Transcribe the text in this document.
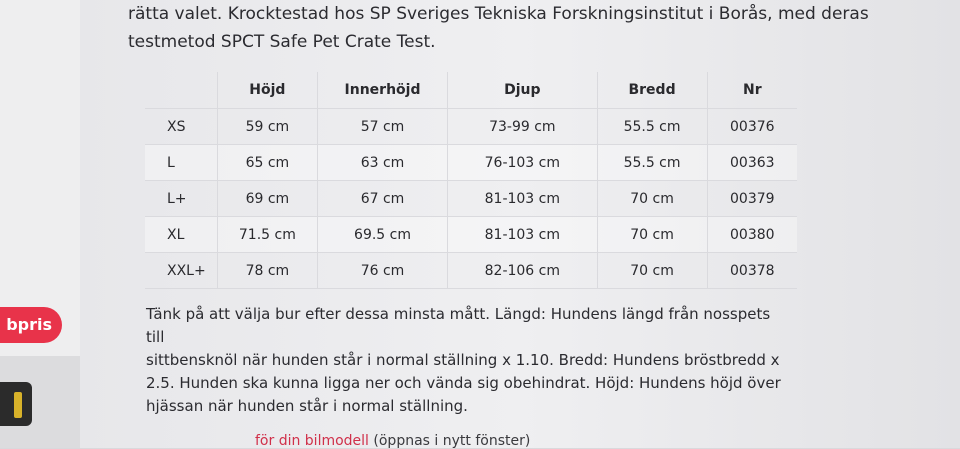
rätta valet. Krocktestad hos SP Sveriges Tekniska Forskningsinstitut i Borås, med deras

testmetod SPCT Safe Pet Crate Test.

	Höjd	Innerhöjd	Djup	Bredd	Nr
XS	59 cm	57 cm	73-99 cm	55.5 cm	00376
L	65 cm	63 cm	76-103 cm	55.5 cm	00363
L+	69 cm	67 cm	81-103 cm	70 cm	00379
XL	71.5 cm	69.5 cm	81-103 cm	70 cm	00380
XXL+	78 cm	76 cm	82-106 cm	70 cm	00378

Tänk på att välja bur efter dessa minsta mått. Längd: Hundens längd från nosspets till

sittbensknöl när hunden står i normal ställning x 1.10. Bredd: Hundens bröstbredd x

2.5. Hunden ska kunna ligga ner och vända sig obehindrat. Höjd: Hundens höjd över

hjässan när hunden står i normal ställning.

bpris
för din bilmodell (öppnas i nytt fönster)
